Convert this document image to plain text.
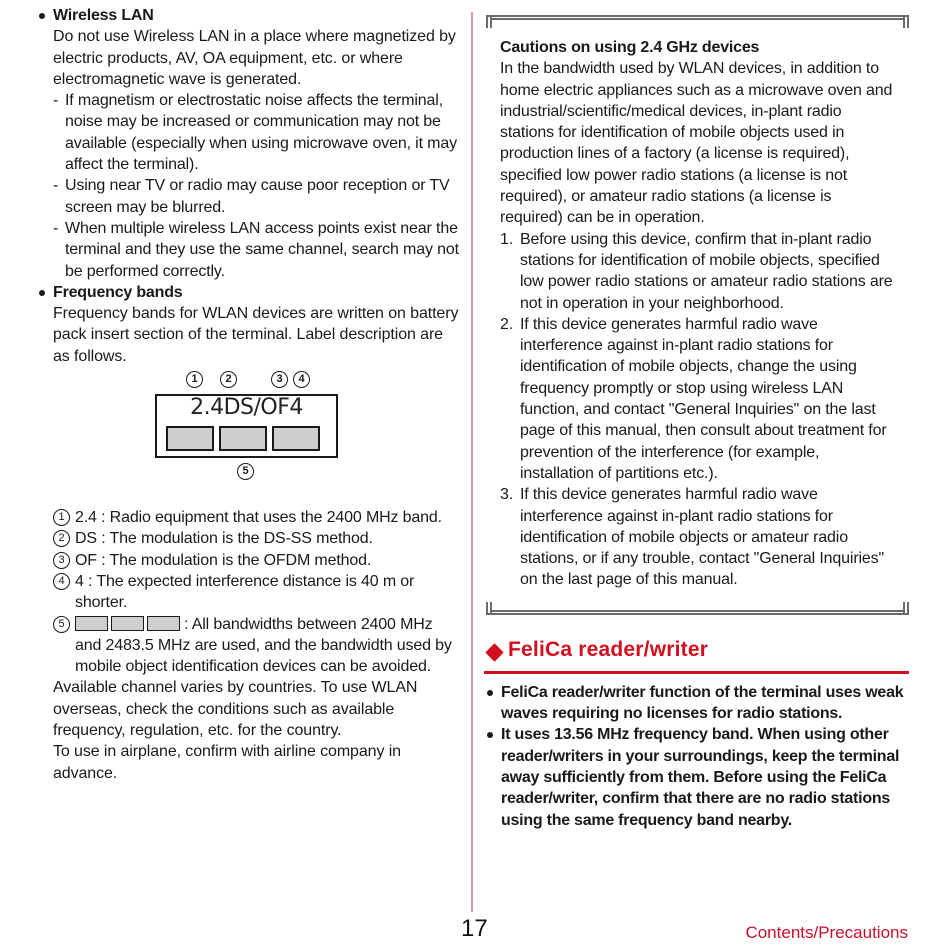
Wireless LAN
Do not use Wireless LAN in a place where magnetized by electric products, AV, OA equipment, etc. or where electromagnetic wave is generated.
- If magnetism or electrostatic noise affects the terminal, noise may be increased or communication may not be available (especially when using microwave oven, it may affect the terminal).
- Using near TV or radio may cause poor reception or TV screen may be blurred.
- When multiple wireless LAN access points exist near the terminal and they use the same channel, search may not be performed correctly.
Frequency bands
Frequency bands for WLAN devices are written on battery pack insert section of the terminal. Label description are as follows.
1	2	3	4
2.4DS/OF4
5
1 2.4 : Radio equipment that uses the 2400 MHz band.
2 DS : The modulation is the DS-SS method.
3 OF : The modulation is the OFDM method.
4 4 : The expected interference distance is 40 m or shorter.
5	: All bandwidths between 2400 MHz and 2483.5 MHz are used, and the bandwidth used by mobile object identification devices can be avoided.
Available channel varies by countries. To use WLAN overseas, check the conditions such as available frequency, regulation, etc. for the country.
To use in airplane, confirm with airline company in advance.
Cautions on using 2.4 GHz devices
In the bandwidth used by WLAN devices, in addition to home electric appliances such as a microwave oven and industrial/scientific/medical devices, in-plant radio stations for identification of mobile objects used in production lines of a factory (a license is required), specified low power radio stations (a license is not required), or amateur radio stations (a license is required) can be in operation.
1. Before using this device, confirm that in-plant radio stations for identification of mobile objects, specified low power radio stations or amateur radio stations are not in operation in your neighborhood.
2. If this device generates harmful radio wave interference against in-plant radio stations for identification of mobile objects, change the using frequency promptly or stop using wireless LAN function, and contact "General Inquiries" on the last page of this manual, then consult about treatment for prevention of the interference (for example, installation of partitions etc.).
3. If this device generates harmful radio wave interference against in-plant radio stations for identification of mobile objects or amateur radio stations, or if any trouble, contact "General Inquiries" on the last page of this manual.
FeliCa reader/writer
FeliCa reader/writer function of the terminal uses weak waves requiring no licenses for radio stations.
It uses 13.56 MHz frequency band. When using other reader/writers in your surroundings, keep the terminal away sufficiently from them. Before using the FeliCa reader/writer, confirm that there are no radio stations using the same frequency band nearby.
17	Contents/Precautions
